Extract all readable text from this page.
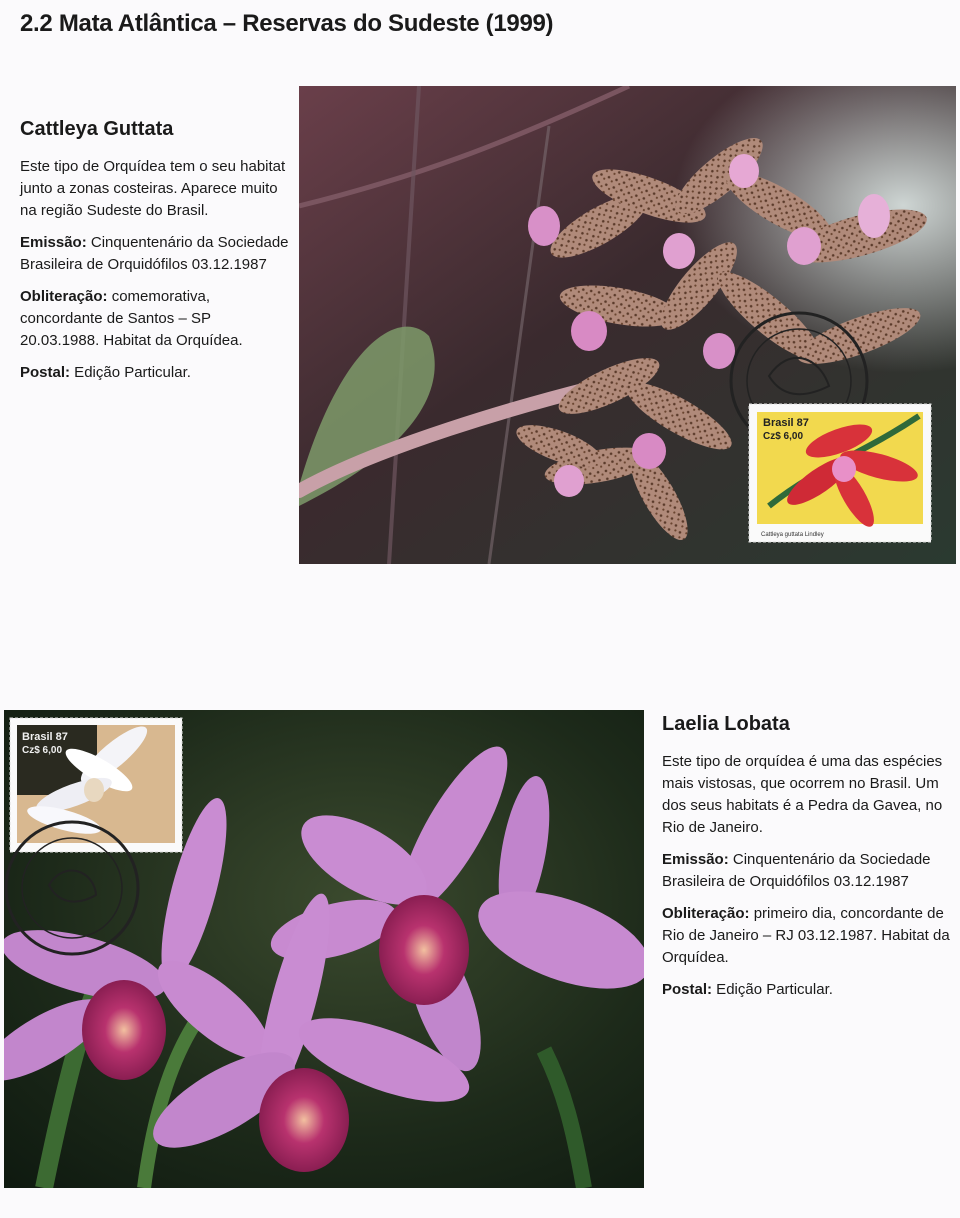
2.2 Mata Atlântica – Reservas do Sudeste (1999)
Cattleya Guttata

Este tipo de Orquídea tem o seu habitat junto a zonas costeiras. Aparece muito na região Sudeste do Brasil.

Emissão: Cinquentenário da Sociedade Brasileira de Orquidófilos 03.12.1987

Obliteração: comemorativa, concordante de Santos – SP 20.03.1988. Habitat da Orquídea.

Postal: Edição Particular.

Brasil 87
Cz$ 6,00
Cattleya guttata Lindley
Brasil 87
Cz$ 6,00
Laelia Lobata

Este tipo de orquídea é uma das espécies mais vistosas, que ocorrem no Brasil. Um dos seus habitats é a Pedra da Gavea, no Rio de Janeiro.

Emissão: Cinquentenário da Sociedade Brasileira de Orquidófilos 03.12.1987

Obliteração: primeiro dia, concordante de Rio de Janeiro – RJ 03.12.1987. Habitat da Orquídea.

Postal: Edição Particular.
